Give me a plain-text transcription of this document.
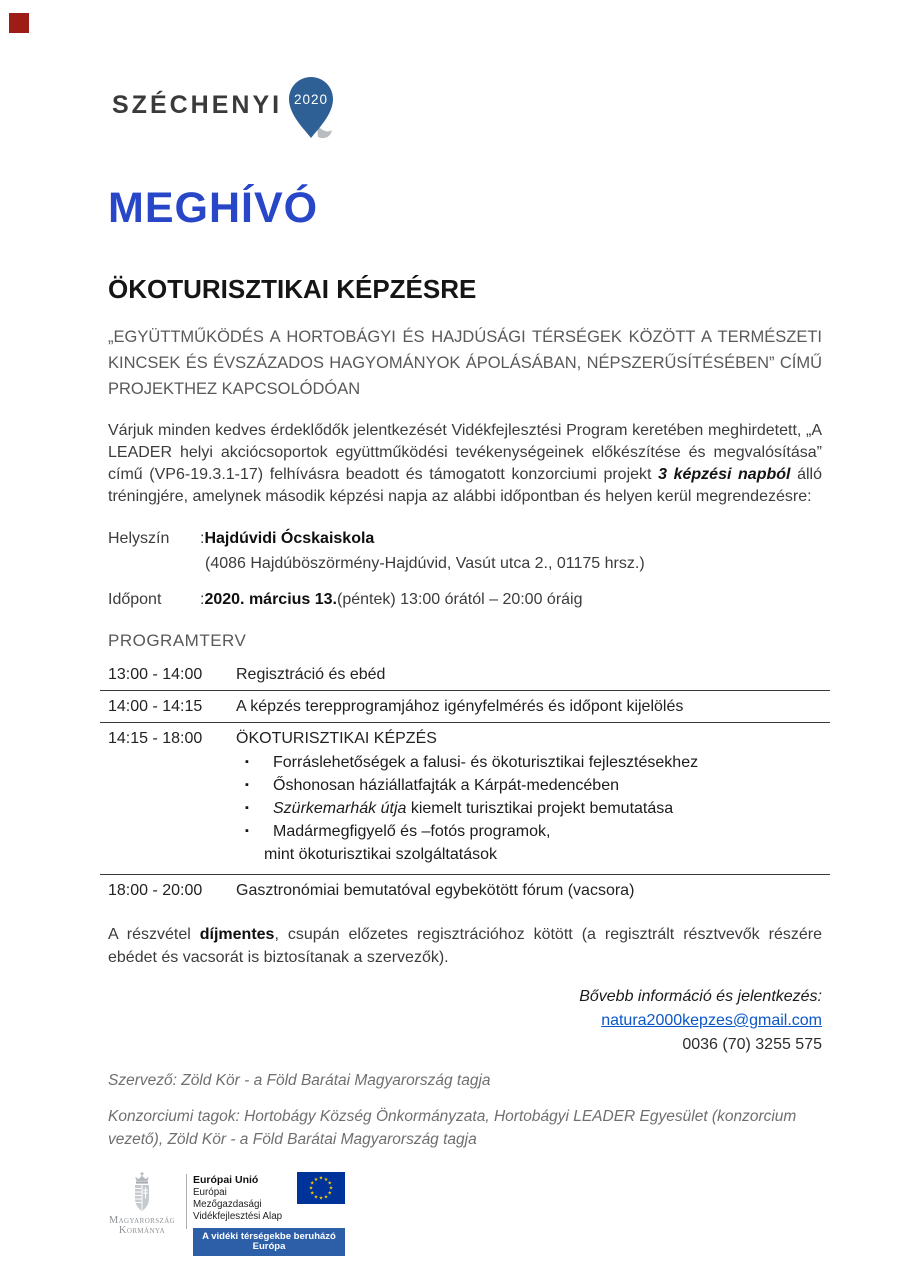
SZÉCHENYI 2020
MEGHÍVÓ
ÖKOTURISZTIKAI KÉPZÉSRE
„EGYÜTTMŰKÖDÉS A HORTOBÁGYI ÉS HAJDÚSÁGI TÉRSÉGEK KÖZÖTT A TERMÉSZETI KINCSEK ÉS ÉVSZÁZADOS HAGYOMÁNYOK ÁPOLÁSÁBAN, NÉPSZERŰSÍTÉSÉBEN” CÍMŰ PROJEKTHEZ KAPCSOLÓDÓAN
Várjuk minden kedves érdeklődők jelentkezését Vidékfejlesztési Program keretében meghirdetett, „A LEADER helyi akciócsoportok együttműködési tevékenységeinek előkészítése és megvalósítása” című (VP6-19.3.1-17) felhívásra beadott és támogatott konzorciumi projekt 3 képzési napból álló tréningjére, amelynek második képzési napja az alábbi időpontban és helyen kerül megrendezésre:
Helyszín	: Hajdúvidi Ócskaiskola
(4086 Hajdúböszörmény-Hajdúvid, Vasút utca 2., 01175 hrsz.)
Időpont	: 2020. március 13. (péntek) 13:00 órától – 20:00 óráig
PROGRAMTERV
13:00 - 14:00	Regisztráció és ebéd
14:00 - 14:15	A képzés terepprogramjához igényfelmérés és időpont kijelölés
14:15 - 18:00	ÖKOTURISZTIKAI KÉPZÉS
▪	Forráslehetőségek a falusi- és ökoturisztikai fejlesztésekhez
▪	Őshonosan háziállatfajták a Kárpát-medencében
▪	Szürkemarhák útja kiemelt turisztikai projekt bemutatása
▪	Madármegfigyelő és –fotós programok,
mint ökoturisztikai szolgáltatások
18:00 - 20:00	Gasztronómiai bemutatóval egybekötött fórum (vacsora)
A részvétel díjmentes, csupán előzetes regisztrációhoz kötött (a regisztrált résztvevők részére ebédet és vacsorát is biztosítanak a szervezők).
Bővebb információ és jelentkezés:
natura2000kepzes@gmail.com
0036 (70) 3255 575
Szervező: Zöld Kör - a Föld Barátai Magyarország tagja
Konzorciumi tagok: Hortobágy Község Önkormányzata, Hortobágyi LEADER Egyesület (konzorcium vezető), Zöld Kör - a Föld Barátai Magyarország tagja
Magyarország
Kormánya
Európai Unió
Európai Mezőgazdasági
Vidékfejlesztési Alap
★ ★
★
★
★
★
★
★
★
★
★
★
A vidéki térségekbe beruházó Európa
